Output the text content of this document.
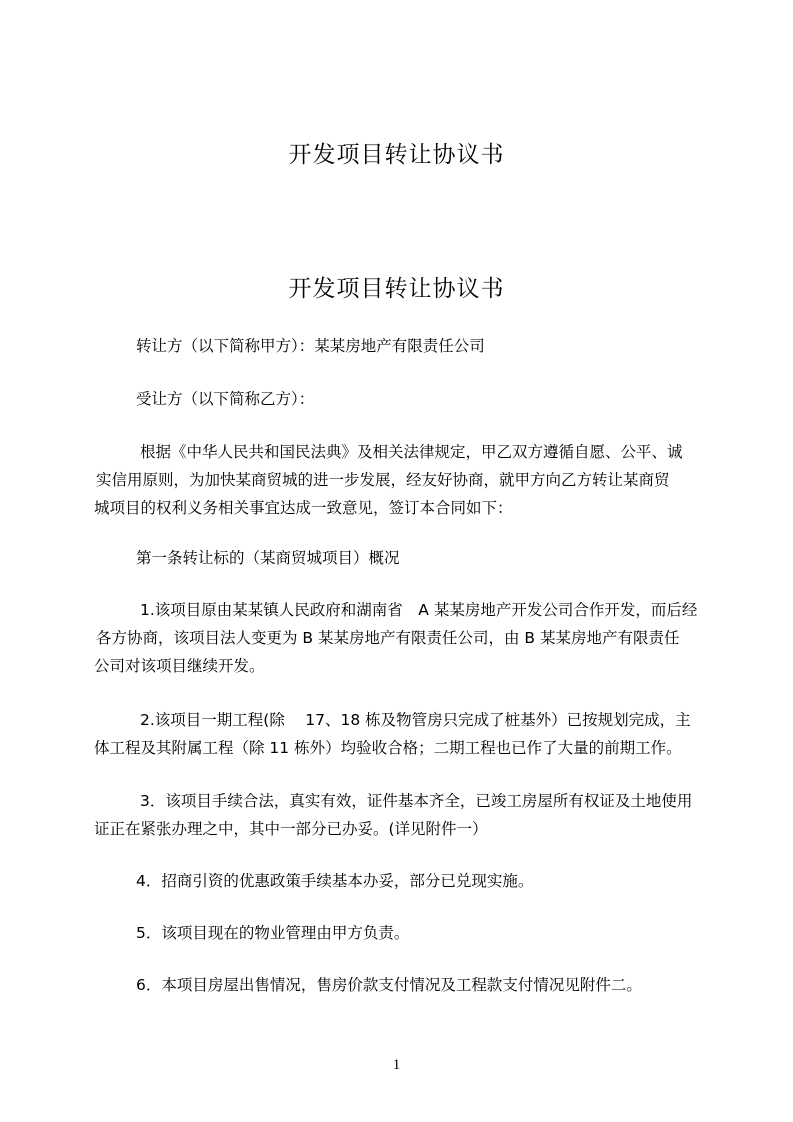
开发项目转让协议书
开发项目转让协议书
转让方（以下简称甲方）：某某房地产有限责任公司
受让方（以下简称乙方）：
根据《中华人民共和国民法典》及相关法律规定，甲乙双方遵循自愿、公平、诚
实信用原则，为加快某商贸城的进一步发展，经友好协商，就甲方向乙方转让某商贸
城项目的权利义务相关事宜达成一致意见，签订本合同如下：
第一条转让标的（某商贸城项目）概况
1.该项目原由某某镇人民政府和湖南省　A 某某房地产开发公司合作开发，而后经
各方协商，该项目法人变更为 B 某某房地产有限责任公司，由 B 某某房地产有限责任
公司对该项目继续开发。
2.该项目一期工程(除　 17、18 栋及物管房只完成了桩基外）已按规划完成，主
体工程及其附属工程（除 11 栋外）均验收合格；二期工程也已作了大量的前期工作。
3．该项目手续合法，真实有效，证件基本齐全，已竣工房屋所有权证及土地使用
证正在紧张办理之中，其中一部分已办妥。(详见附件一）
4．招商引资的优惠政策手续基本办妥，部分已兑现实施。
5．该项目现在的物业管理由甲方负责。
6．本项目房屋出售情况，售房价款支付情况及工程款支付情况见附件二。
1
